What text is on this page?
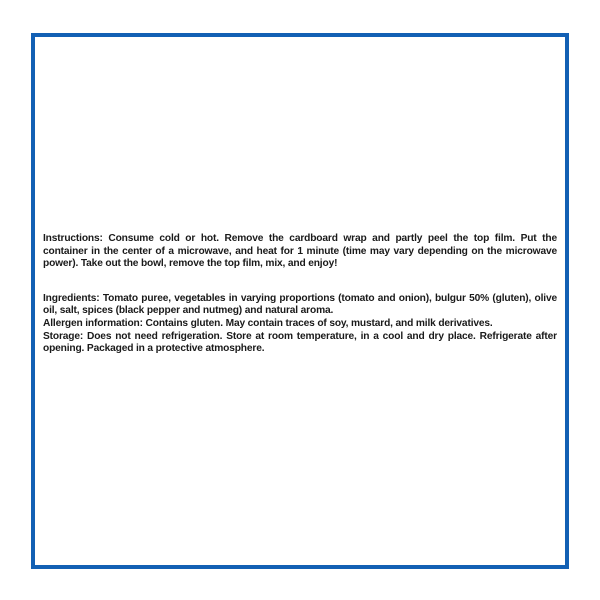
Instructions: Consume cold or hot. Remove the cardboard wrap and partly peel the top film. Put the container in the center of a microwave, and heat for 1 minute (time may vary depending on the microwave power). Take out the bowl, remove the top film, mix, and enjoy!

Ingredients: Tomato puree, vegetables in varying proportions (tomato and onion), bulgur 50% (gluten), olive oil, salt, spices (black pepper and nutmeg) and natural aroma.

Allergen information: Contains gluten. May contain traces of soy, mustard, and milk derivatives.

Storage: Does not need refrigeration. Store at room temperature, in a cool and dry place. Refrigerate after opening. Packaged in a protective atmosphere.
